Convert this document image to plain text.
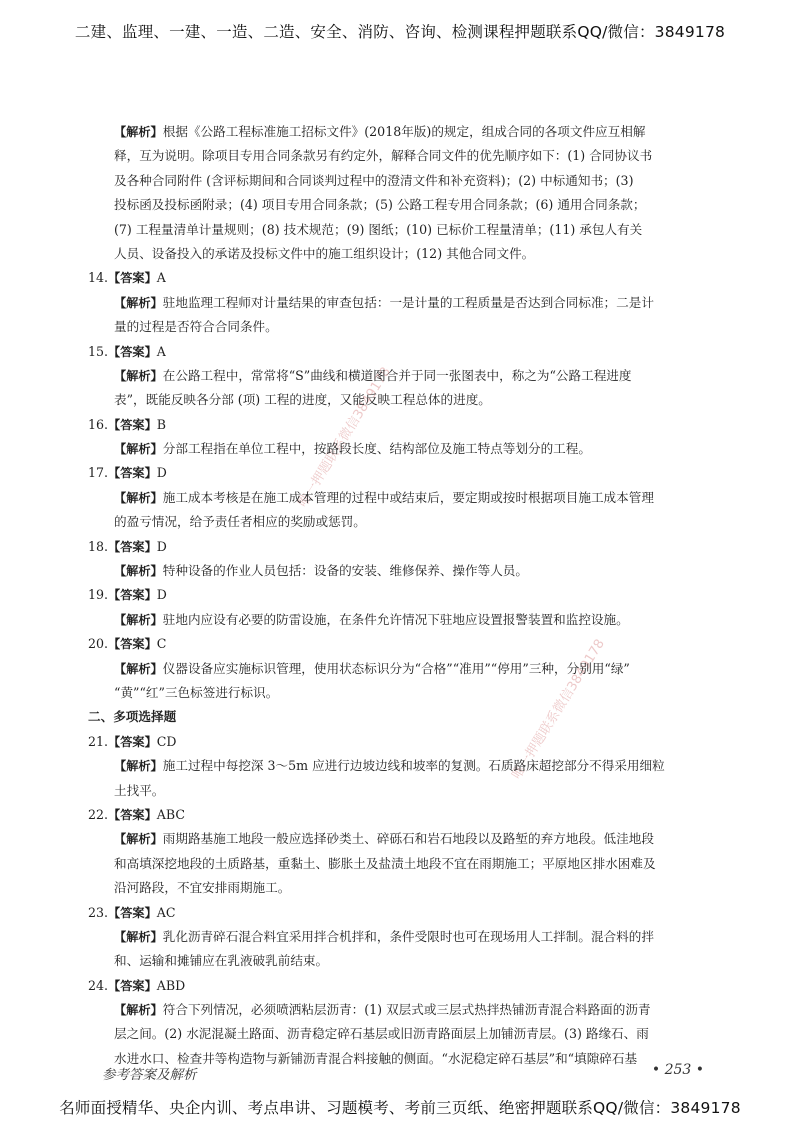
二建、监理、一建、一造、二造、安全、消防、咨询、检测课程押题联系QQ/微信：3849178
唯一押题联系微信3849178
唯一押题联系微信3849178
【解析】根据《公路工程标准施工招标文件》(2018年版)的规定，组成合同的各项文件应互相解
释，互为说明。除项目专用合同条款另有约定外，解释合同文件的优先顺序如下：(1) 合同协议书
及各种合同附件 (含评标期间和合同谈判过程中的澄清文件和补充资料)；(2) 中标通知书；(3)
投标函及投标函附录；(4) 项目专用合同条款；(5) 公路工程专用合同条款；(6) 通用合同条款；
(7) 工程量清单计量规则；(8) 技术规范；(9) 图纸；(10) 已标价工程量清单；(11) 承包人有关
人员、设备投入的承诺及投标文件中的施工组织设计；(12) 其他合同文件。
14.【答案】A
【解析】驻地监理工程师对计量结果的审查包括：一是计量的工程质量是否达到合同标准；二是计
量的过程是否符合合同条件。
15.【答案】A
【解析】在公路工程中，常常将“S”曲线和横道图合并于同一张图表中，称之为“公路工程进度
表”，既能反映各分部 (项) 工程的进度，又能反映工程总体的进度。
16.【答案】B
【解析】分部工程指在单位工程中，按路段长度、结构部位及施工特点等划分的工程。
17.【答案】D
【解析】施工成本考核是在施工成本管理的过程中或结束后，要定期或按时根据项目施工成本管理
的盈亏情况，给予责任者相应的奖励或惩罚。
18.【答案】D
【解析】特种设备的作业人员包括：设备的安装、维修保养、操作等人员。
19.【答案】D
【解析】驻地内应设有必要的防雷设施，在条件允许情况下驻地应设置报警装置和监控设施。
20.【答案】C
【解析】仪器设备应实施标识管理，使用状态标识分为“合格”“准用”“停用”三种，分别用“绿”
“黄”“红”三色标签进行标识。
二、多项选择题
21.【答案】CD
【解析】施工过程中每挖深 3～5m 应进行边坡边线和坡率的复测。石质路床超挖部分不得采用细粒
土找平。
22.【答案】ABC
【解析】雨期路基施工地段一般应选择砂类土、碎砾石和岩石地段以及路堑的弃方地段。低洼地段
和高填深挖地段的土质路基，重黏土、膨胀土及盐渍土地段不宜在雨期施工；平原地区排水困难及
沿河路段，不宜安排雨期施工。
23.【答案】AC
【解析】乳化沥青碎石混合料宜采用拌合机拌和，条件受限时也可在现场用人工拌制。混合料的拌
和、运输和摊铺应在乳液破乳前结束。
24.【答案】ABD
【解析】符合下列情况，必须喷洒粘层沥青：(1) 双层式或三层式热拌热铺沥青混合料路面的沥青
层之间。(2) 水泥混凝土路面、沥青稳定碎石基层或旧沥青路面层上加铺沥青层。(3) 路缘石、雨
水进水口、检查井等构造物与新铺沥青混合料接触的侧面。“水泥稳定碎石基层”和“填隙碎石基
参考答案及解析	• 253 •
名师面授精华、央企内训、考点串讲、习题模考、考前三页纸、绝密押题联系QQ/微信：3849178
